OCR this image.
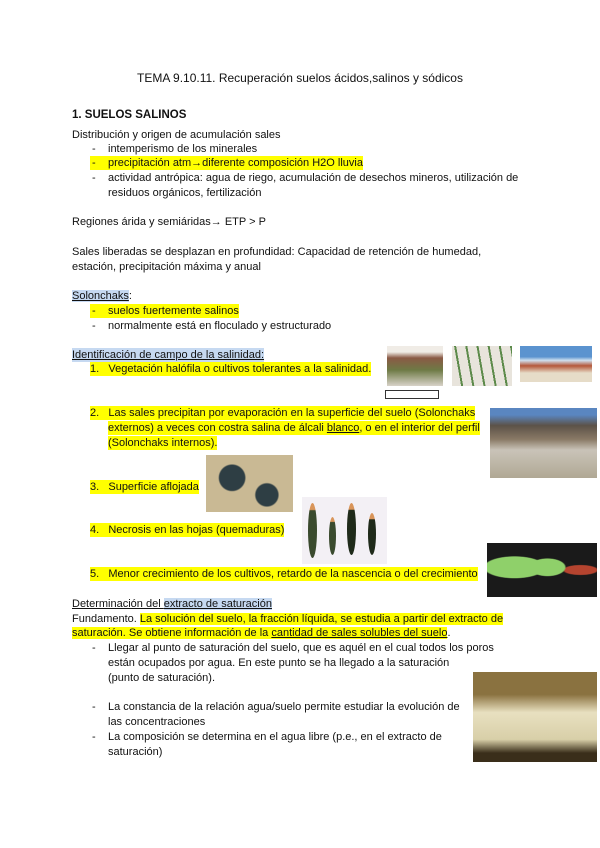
TEMA 9.10.11. Recuperación suelos ácidos,salinos y sódicos
1. SUELOS SALINOS
Distribución y origen de acumulación sales
- intemperismo de los minerales
-	precipitación atm→diferente composición H2O lluvia
- actividad antrópica: agua de riego, acumulación de desechos mineros, utilización de
residuos orgánicos, fertilización
Regiones árida y semiáridas→ ETP > P
Sales liberadas se desplazan en profundidad: Capacidad de retención de humedad,
estación, precipitación máxima y anual
Solonchaks:
-	suelos fuertemente salinos
- normalmente está en floculado y estructurado
Identificación de campo de la salinidad:
1. Vegetación halófila o cultivos tolerantes a la salinidad.
2. Las sales precipitan por evaporación en la superficie del suelo (Solonchaks
externos) a veces con costra salina de álcali blanco, o en el interior del perfil
(Solonchaks internos).
3. Superficie aflojada
4. Necrosis en las hojas (quemaduras)
5. Menor crecimiento de los cultivos, retardo de la nascencia o del crecimiento
Determinación del extracto de saturación
Fundamento. La solución del suelo, la fracción líquida, se estudia a partir del extracto de
saturación. Se obtiene información de la cantidad de sales solubles del suelo.
- Llegar al punto de saturación del suelo, que es aquél en el cual todos los poros
están ocupados por agua. En este punto se ha llegado a la saturación
(punto de saturación).
- La constancia de la relación agua/suelo permite estudiar la evolución de
las concentraciones
- La composición se determina en el agua libre (p.e., en el extracto de
saturación)
